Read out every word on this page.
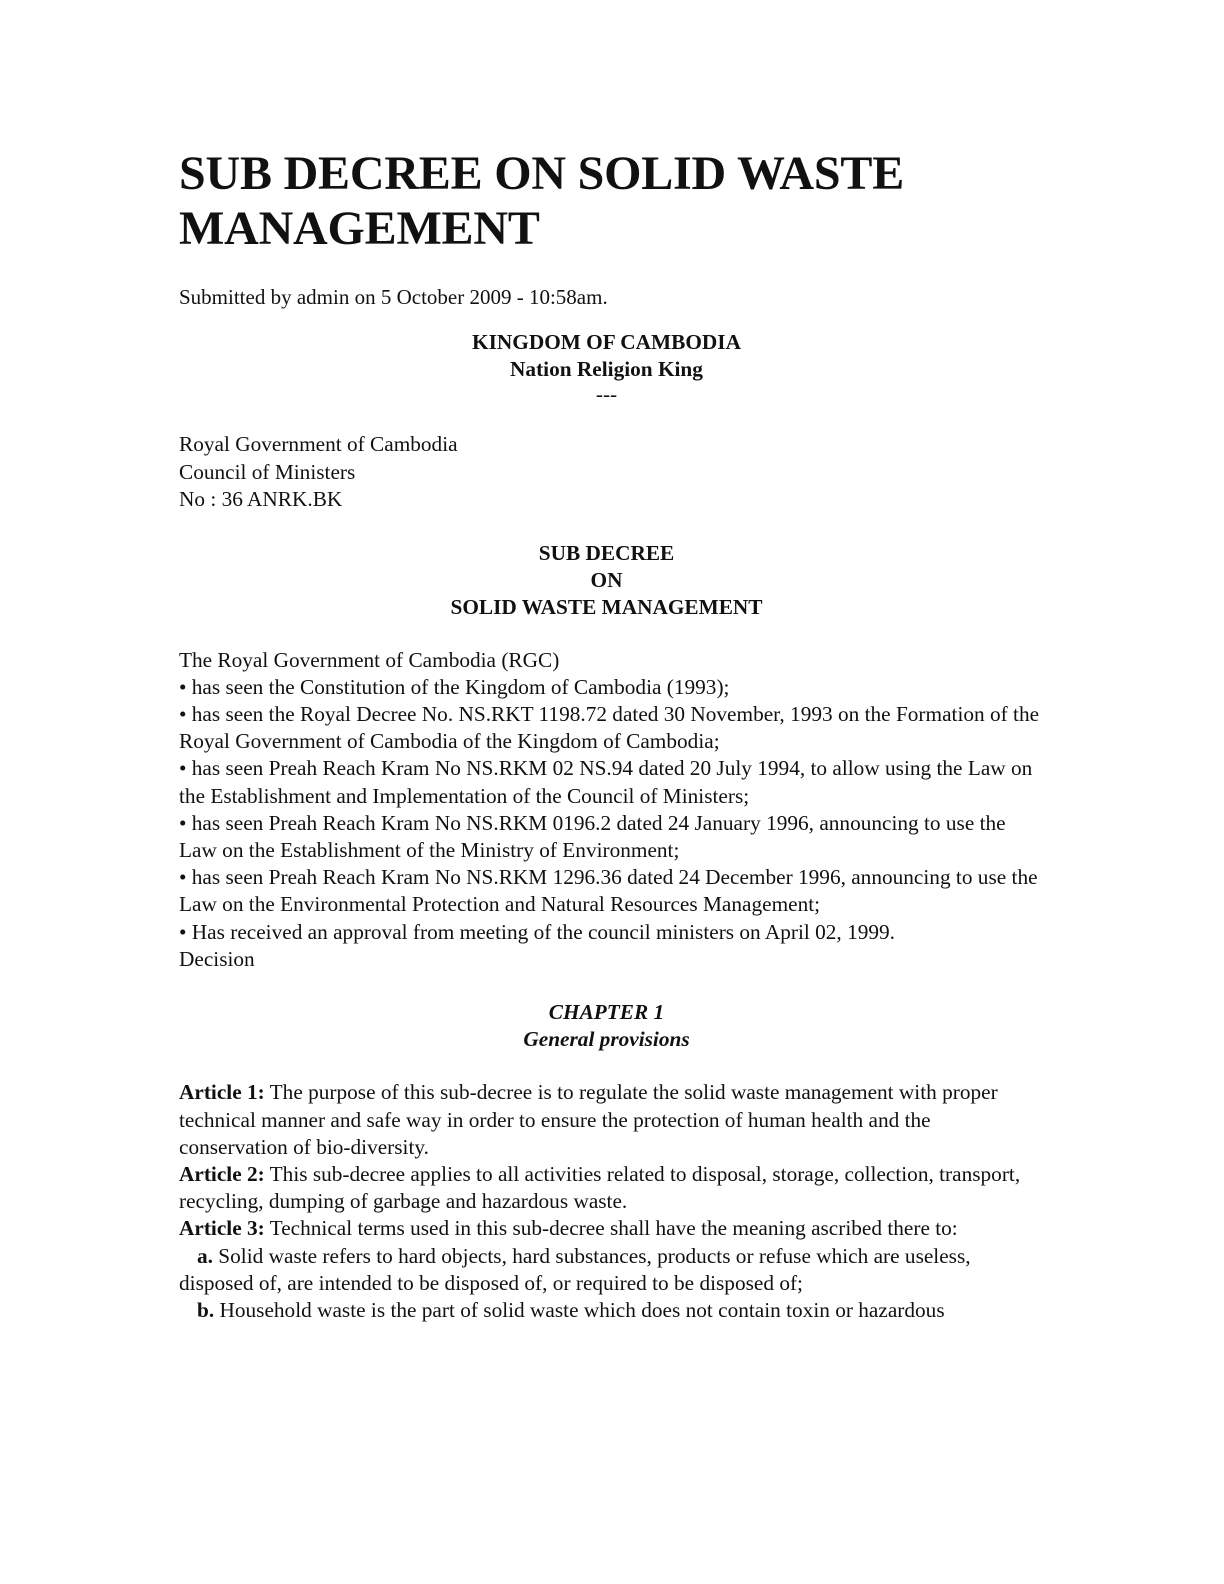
SUB DECREE ON SOLID WASTE MANAGEMENT
Submitted by admin on 5 October 2009 - 10:58am.
KINGDOM OF CAMBODIA
Nation Religion King
---
Royal Government of Cambodia
Council of Ministers
No : 36 ANRK.BK
SUB DECREE
ON
SOLID WASTE MANAGEMENT
The Royal Government of Cambodia (RGC)
• has seen the Constitution of the Kingdom of Cambodia (1993);
• has seen the Royal Decree No. NS.RKT 1198.72 dated 30 November, 1993 on the Formation of the Royal Government of Cambodia of the Kingdom of Cambodia;
• has seen Preah Reach Kram No NS.RKM 02 NS.94 dated 20 July 1994, to allow using the Law on the Establishment and Implementation of the Council of Ministers;
• has seen Preah Reach Kram No NS.RKM 0196.2 dated 24 January 1996, announcing to use the Law on the Establishment of the Ministry of Environment;
• has seen Preah Reach Kram No NS.RKM 1296.36 dated 24 December 1996, announcing to use the Law on the Environmental Protection and Natural Resources Management;
• Has received an approval from meeting of the council ministers on April 02, 1999.
Decision
CHAPTER 1
General provisions
Article 1: The purpose of this sub-decree is to regulate the solid waste management with proper technical manner and safe way in order to ensure the protection of human health and the conservation of bio-diversity.
Article 2: This sub-decree applies to all activities related to disposal, storage, collection, transport, recycling, dumping of garbage and hazardous waste.
Article 3: Technical terms used in this sub-decree shall have the meaning ascribed there to:
a. Solid waste refers to hard objects, hard substances, products or refuse which are useless, disposed of, are intended to be disposed of, or required to be disposed of;
b. Household waste is the part of solid waste which does not contain toxin or hazardous
